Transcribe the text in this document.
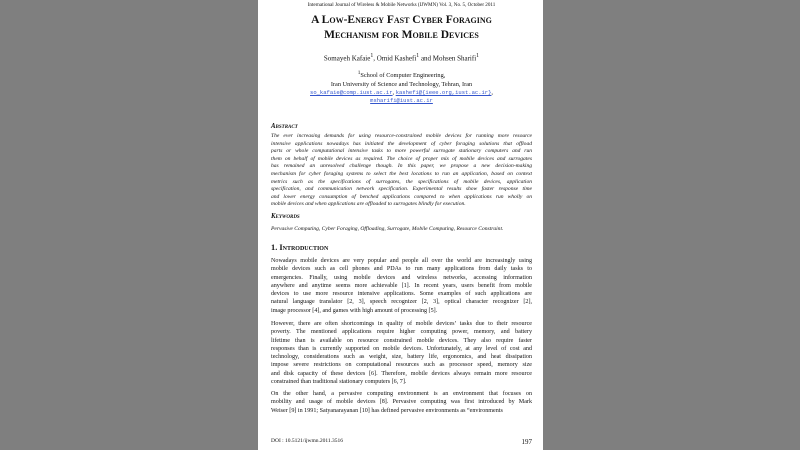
International Journal of Wireless & Mobile Networks (IJWMN) Vol. 3, No. 5, October 2011
A Low-Energy Fast Cyber Foraging
Mechanism for Mobile Devices
Somayeh Kafaie$^1$, Omid Kashefi$^1$ and Mohsen Sharifi$^1$
$^1$School of Computer Engineering,
Iran University of Science and Technology, Tehran, Iran
so_kafaie@comp.iust.ac.ir, kashefi@{ieee.org,iust.ac.ir},
msharifi@iust.ac.ir
Abstract
The ever increasing demands for using resource-constrained mobile devices for running more resource
intensive applications nowadays has initiated the development of cyber foraging solutions that offload
parts or whole computational intensive tasks to more powerful surrogate stationary computers and run
them on behalf of mobile devices as required. The choice of proper mix of mobile devices and surrogates
has remained an unresolved challenge though. In this paper, we propose a new decision-making
mechanism for cyber foraging systems to select the best locations to run an application, based on context
metrics such as the specifications of surrogates, the specifications of mobile devices, application
specification, and communication network specification. Experimental results show faster response time
and lower energy consumption of benched applications compared to when applications run wholly on
mobile devices and when applications are offloaded to surrogates blindly for execution.
Keywords
Pervasive Computing, Cyber Foraging, Offloading, Surrogate, Mobile Computing, Resource Constraint.
1. Introduction
Nowadays mobile devices are very popular and people all over the world are increasingly using
mobile devices such as cell phones and PDAs to run many applications from daily tasks to
emergencies. Finally, using mobile devices and wireless networks, accessing information
anywhere and anytime seems more achievable [1]. In recent years, users benefit from mobile
devices to use more resource intensive applications. Some examples of such applications are
natural language translator [2, 3], speech recognizer [2, 3], optical character recognizer [2],
image processor [4], and games with high amount of processing [5].
However, there are often shortcomings in quality of mobile devices’ tasks due to their resource
poverty. The mentioned applications require higher computing power, memory, and battery
lifetime than is available on resource constrained mobile devices. They also require faster
responses than is currently supported on mobile devices. Unfortunately, at any level of cost and
technology, considerations such as weight, size, battery life, ergonomics, and heat dissipation
impose severe restrictions on computational resources such as processor speed, memory size
and disk capacity of these devices [6]. Therefore, mobile devices always remain more resource
constrained than traditional stationary computers [6, 7].
On the other hand, a pervasive computing environment is an environment that focuses on
mobility and usage of mobile devices [8]. Pervasive computing was first introduced by Mark
Weiser [9] in 1991; Satyanarayanan [10] has defined pervasive environments as “environments
DOI : 10.5121/ijwmn.2011.3516	197
